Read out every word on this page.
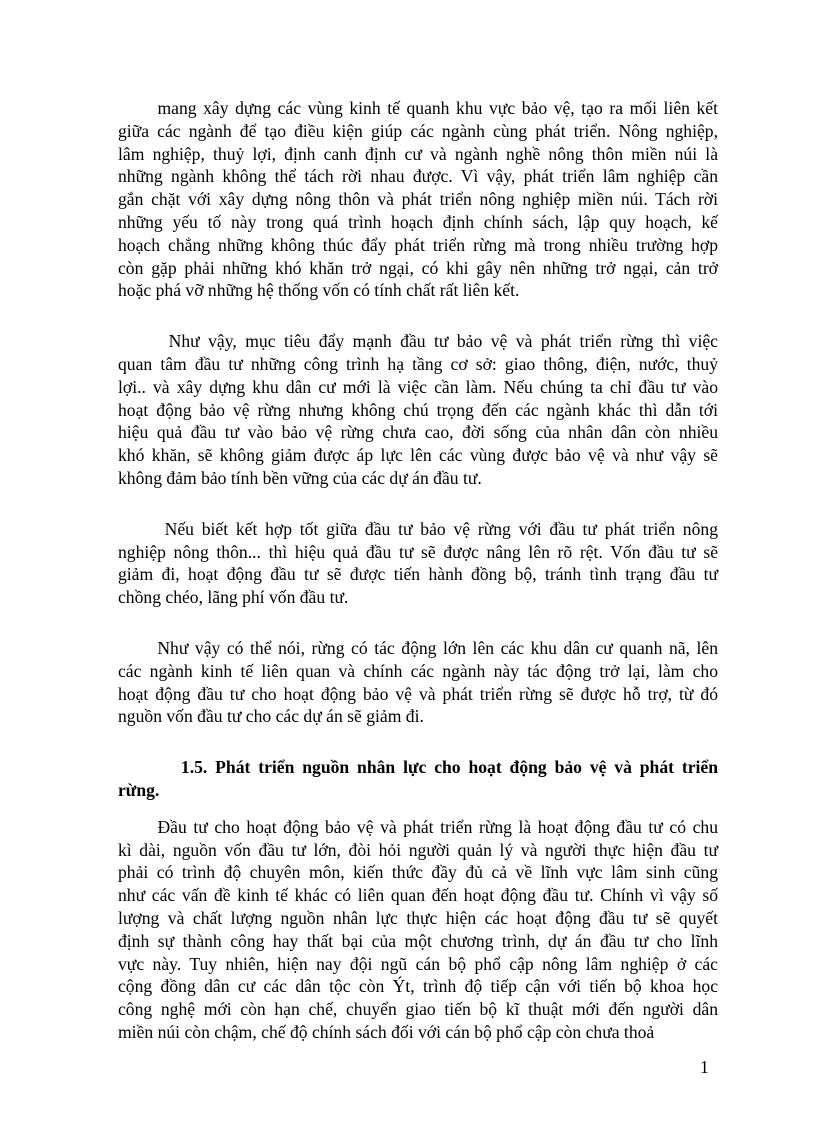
mang xây dựng các vùng kinh tế quanh khu vực bảo vệ, tạo ra mối liên kết
giữa các ngành để tạo điều kiện giúp các ngành cùng phát triển. Nông nghiệp,
lâm nghiệp, thuỷ lợi, định canh định cư và ngành nghề nông thôn miền núi là
những ngành không thể tách rời nhau được. Vì vậy, phát triển lâm nghiệp cần
gắn chặt với xây dựng nông thôn và phát triển nông nghiệp miền núi. Tách rời
những yếu tố này trong quá trình hoạch định chính sách, lập quy hoạch, kế
hoạch chẳng những không thúc đẩy phát triển rừng mà trong nhiều trường hợp
còn gặp phải những khó khăn trở ngại, có khi gây nên những trở ngại, cản trở
hoặc phá vỡ những hệ thống vốn có tính chất rất liên kết.
Như vậy, mục tiêu đẩy mạnh đầu tư bảo vệ và phát triển rừng thì việc
quan tâm đầu tư những công trình hạ tầng cơ sở: giao thông, điện, nước, thuỷ
lợi.. và xây dựng khu dân cư mới là việc cần làm. Nếu chúng ta chỉ đầu tư vào
hoạt động bảo vệ rừng nhưng không chú trọng đến các ngành khác thì dẫn tới
hiệu quả đầu tư vào bảo vệ rừng chưa cao, đời sống của nhân dân còn nhiều
khó khăn, sẽ không giảm được áp lực lên các vùng được bảo vệ và như vậy sẽ
không đảm bảo tính bền vững của các dự án đầu tư.
Nếu biết kết hợp tốt giữa đầu tư bảo vệ rừng với đầu tư phát triển nông
nghiệp nông thôn... thì hiệu quả đầu tư sẽ được nâng lên rõ rệt. Vốn đầu tư sẽ
giảm đi, hoạt động đầu tư sẽ được tiến hành đồng bộ, tránh tình trạng đầu tư
chồng chéo, lãng phí vốn đầu tư.
Như vậy có thể nói, rừng có tác động lớn lên các khu dân cư quanh nã, lên
các ngành kinh tế liên quan và chính các ngành này tác động trở lại, làm cho
hoạt động đầu tư cho hoạt động bảo vệ và phát triển rừng sẽ được hỗ trợ, từ đó
nguồn vốn đầu tư cho các dự án sẽ giảm đi.
1.5. Phát triển nguồn nhân lực cho hoạt động bảo vệ và phát triển
rừng.
Đầu tư cho hoạt động bảo vệ và phát triển rừng là hoạt động đầu tư có chu
kì dài, nguồn vốn đầu tư lớn, đòi hỏi người quản lý và người thực hiện đầu tư
phải có trình độ chuyên môn, kiến thức đầy đủ cả về lĩnh vực lâm sinh cũng
như các vấn đề kinh tế khác có liên quan đến hoạt động đầu tư. Chính vì vậy số
lượng và chất lượng nguồn nhân lực thực hiện các hoạt động đầu tư sẽ quyết
định sự thành công hay thất bại của một chương trình, dự án đầu tư cho lĩnh
vực này. Tuy nhiên, hiện nay đội ngũ cán bộ phổ cập nông lâm nghiệp ở các
cộng đồng dân cư các dân tộc còn Ýt, trình độ tiếp cận với tiến bộ khoa học
công nghệ mới còn hạn chế, chuyển giao tiến bộ kĩ thuật mới đến người dân
miền núi còn chậm, chế độ chính sách đối với cán bộ phổ cập còn chưa thoả
1
